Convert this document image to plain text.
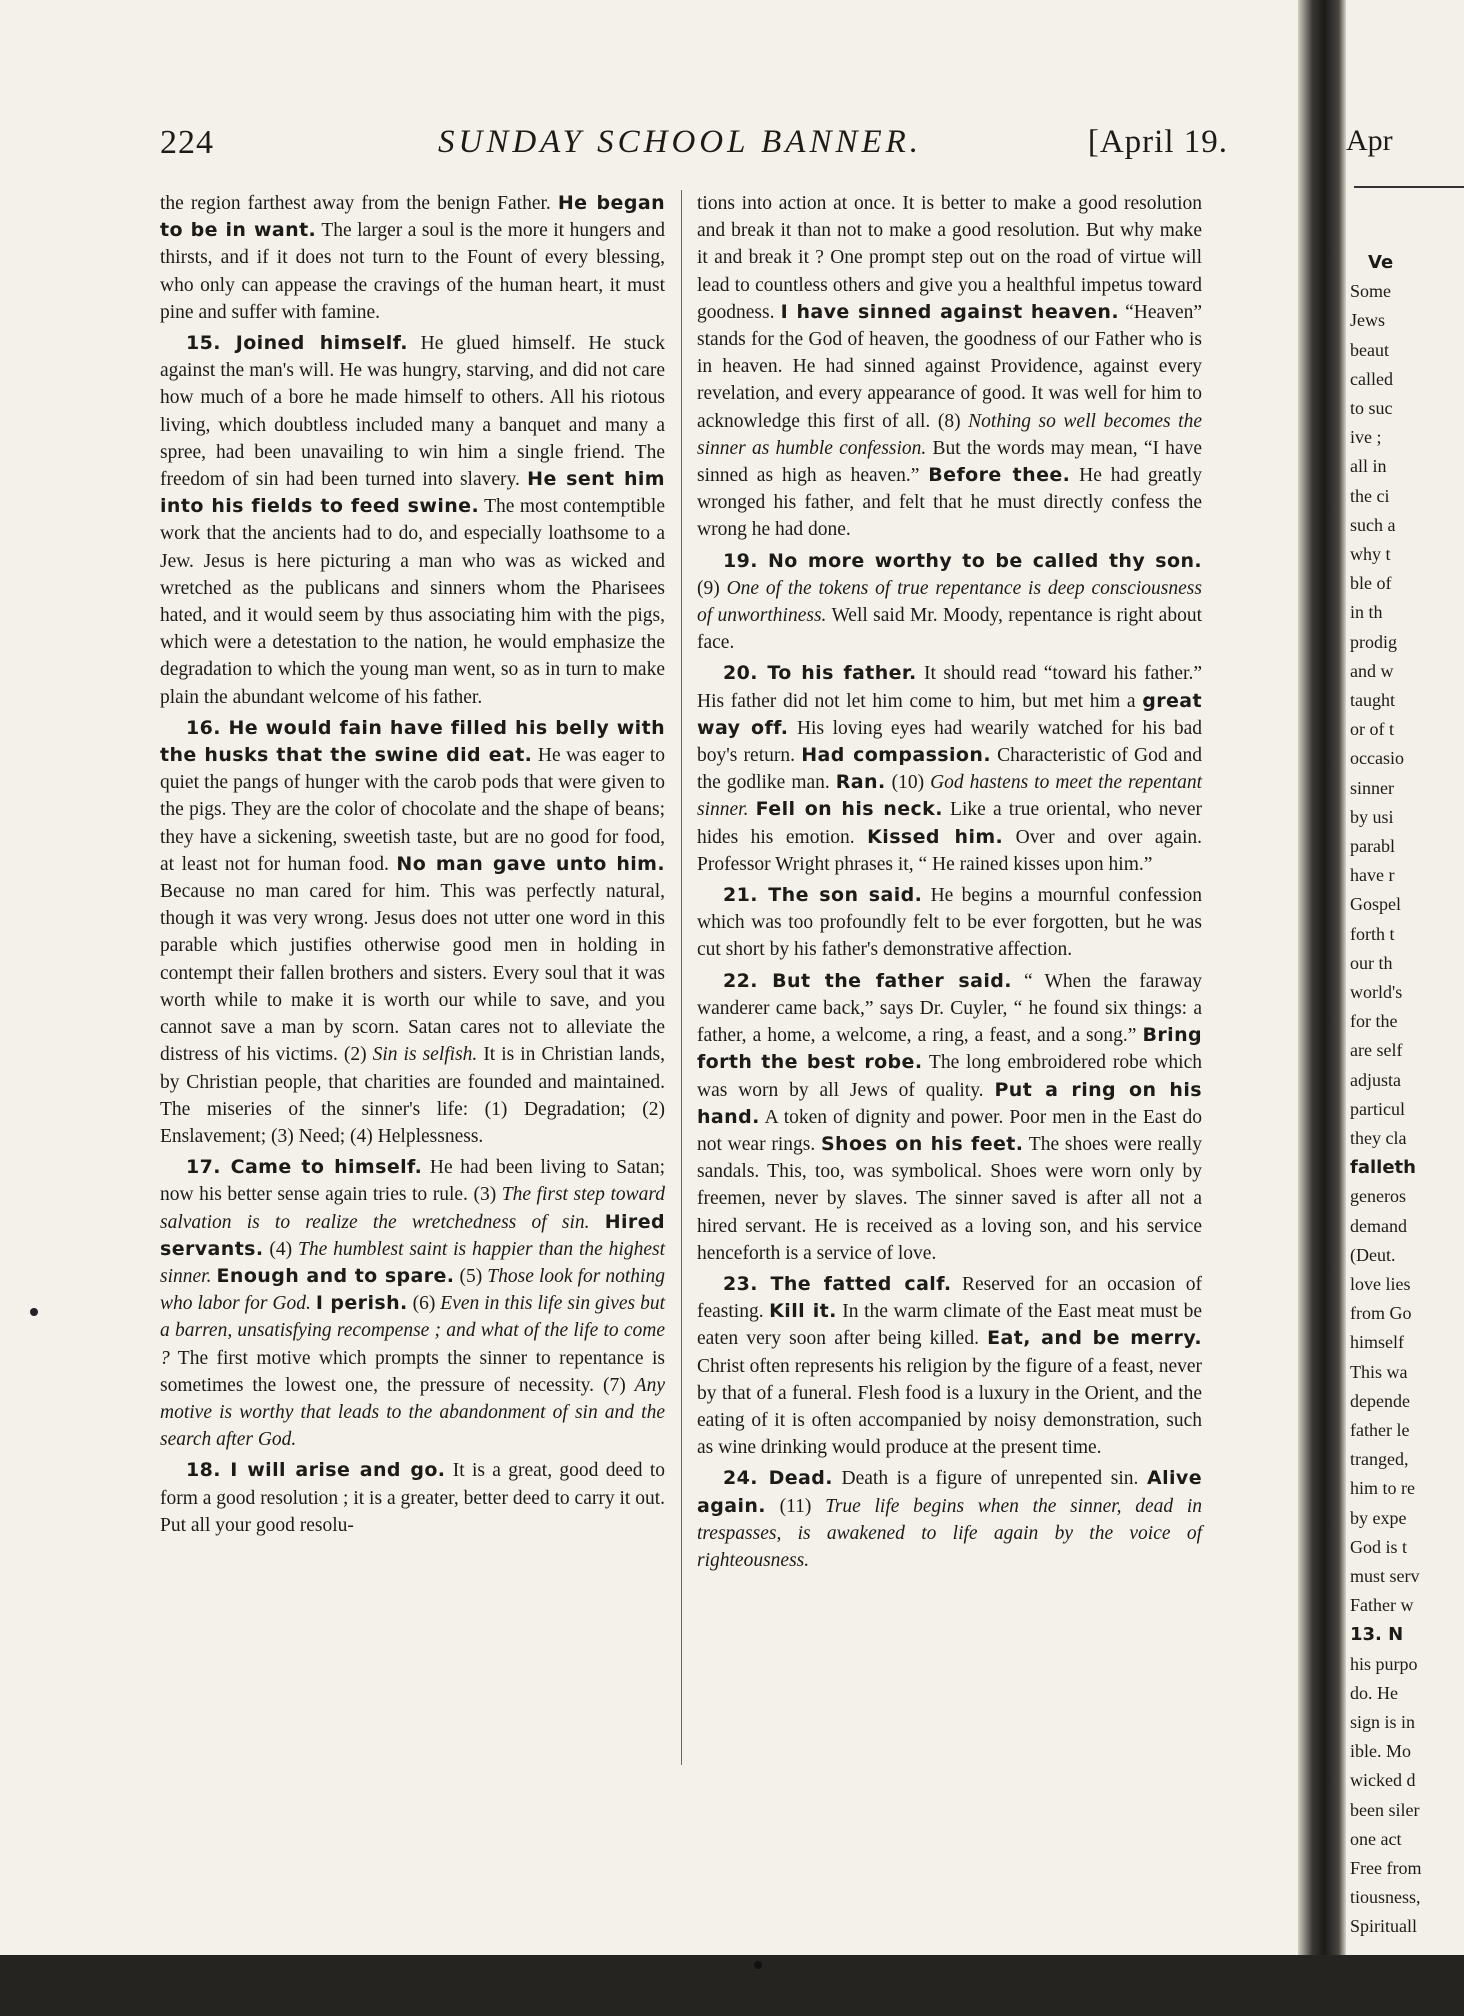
224	SUNDAY SCHOOL BANNER.	[April 19.

the region farthest away from the benign Father. He began to be in want. The larger a soul is the more it hungers and thirsts, and if it does not turn to the Fount of every blessing, who only can appease the cravings of the human heart, it must pine and suffer with famine.

15. Joined himself. He glued himself. He stuck against the man's will. He was hungry, starving, and did not care how much of a bore he made himself to others. All his riotous living, which doubtless included many a banquet and many a spree, had been unavailing to win him a single friend. The freedom of sin had been turned into slavery. He sent him into his fields to feed swine. The most contemptible work that the ancients had to do, and especially loathsome to a Jew. Jesus is here picturing a man who was as wicked and wretched as the publicans and sinners whom the Pharisees hated, and it would seem by thus associating him with the pigs, which were a detestation to the nation, he would emphasize the degradation to which the young man went, so as in turn to make plain the abundant welcome of his father.

16. He would fain have filled his belly with the husks that the swine did eat. He was eager to quiet the pangs of hunger with the carob pods that were given to the pigs. They are the color of chocolate and the shape of beans; they have a sickening, sweetish taste, but are no good for food, at least not for human food. No man gave unto him. Because no man cared for him. This was perfectly natural, though it was very wrong. Jesus does not utter one word in this parable which justifies otherwise good men in holding in contempt their fallen brothers and sisters. Every soul that it was worth while to make it is worth our while to save, and you cannot save a man by scorn. Satan cares not to alleviate the distress of his victims. (2) Sin is selfish. It is in Christian lands, by Christian people, that charities are founded and maintained. The miseries of the sinner's life: (1) Degradation; (2) Enslavement; (3) Need; (4) Helplessness.

17. Came to himself. He had been living to Satan; now his better sense again tries to rule. (3) The first step toward salvation is to realize the wretchedness of sin. Hired servants. (4) The humblest saint is happier than the highest sinner. Enough and to spare. (5) Those look for nothing who labor for God. I perish. (6) Even in this life sin gives but a barren, unsatisfying recompense ; and what of the life to come ? The first motive which prompts the sinner to repentance is sometimes the lowest one, the pressure of necessity. (7) Any motive is worthy that leads to the abandonment of sin and the search after God.

18. I will arise and go. It is a great, good deed to form a good resolution ; it is a greater, better deed to carry it out. Put all your good resolu-

tions into action at once. It is better to make a good resolution and break it than not to make a good resolution. But why make it and break it ? One prompt step out on the road of virtue will lead to countless others and give you a healthful impetus toward goodness. I have sinned against heaven. “Heaven” stands for the God of heaven, the goodness of our Father who is in heaven. He had sinned against Providence, against every revelation, and every appearance of good. It was well for him to acknowledge this first of all. (8) Nothing so well becomes the sinner as humble confession. But the words may mean, “I have sinned as high as heaven.” Before thee. He had greatly wronged his father, and felt that he must directly confess the wrong he had done.

19. No more worthy to be called thy son. (9) One of the tokens of true repentance is deep consciousness of unworthiness. Well said Mr. Moody, repentance is right about face.

20. To his father. It should read “toward his father.” His father did not let him come to him, but met him a great way off. His loving eyes had wearily watched for his bad boy's return. Had compassion. Characteristic of God and the godlike man. Ran. (10) God hastens to meet the repentant sinner. Fell on his neck. Like a true oriental, who never hides his emotion. Kissed him. Over and over again. Professor Wright phrases it, “ He rained kisses upon him.”

21. The son said. He begins a mournful confession which was too profoundly felt to be ever forgotten, but he was cut short by his father's demonstrative affection.

22. But the father said. “ When the faraway wanderer came back,” says Dr. Cuyler, “ he found six things: a father, a home, a welcome, a ring, a feast, and a song.” Bring forth the best robe. The long embroidered robe which was worn by all Jews of quality. Put a ring on his hand. A token of dignity and power. Poor men in the East do not wear rings. Shoes on his feet. The shoes were really sandals. This, too, was symbolical. Shoes were worn only by freemen, never by slaves. The sinner saved is after all not a hired servant. He is received as a loving son, and his service henceforth is a service of love.

23. The fatted calf. Reserved for an occasion of feasting. Kill it. In the warm climate of the East meat must be eaten very soon after being killed. Eat, and be merry. Christ often represents his religion by the figure of a feast, never by that of a funeral. Flesh food is a luxury in the Orient, and the eating of it is often accompanied by noisy demonstration, such as wine drinking would produce at the present time.

24. Dead. Death is a figure of unrepented sin. Alive again. (11) True life begins when the sinner, dead in trespasses, is awakened to life again by the voice of righteousness.

Apr
Ve
Some
Jews
beaut
called
to suc
ive ;
all in
the ci
such a
why t
ble of
in th
prodig
and w
taught
or of t
occasio
sinner
by usi
parabl
have r
Gospel
forth t
our th
world's
for the
are self
adjusta
particul
they cla
falleth
generos
demand
(Deut.
love lies
from Go
himself
This wa
depende
father le
tranged,
him to re
by expe
God is t
must serv
Father w
13. N
his purpo
do. He
sign is in
ible. Mo
wicked d
been siler
one act
Free from
tiousness,
Spirituall
